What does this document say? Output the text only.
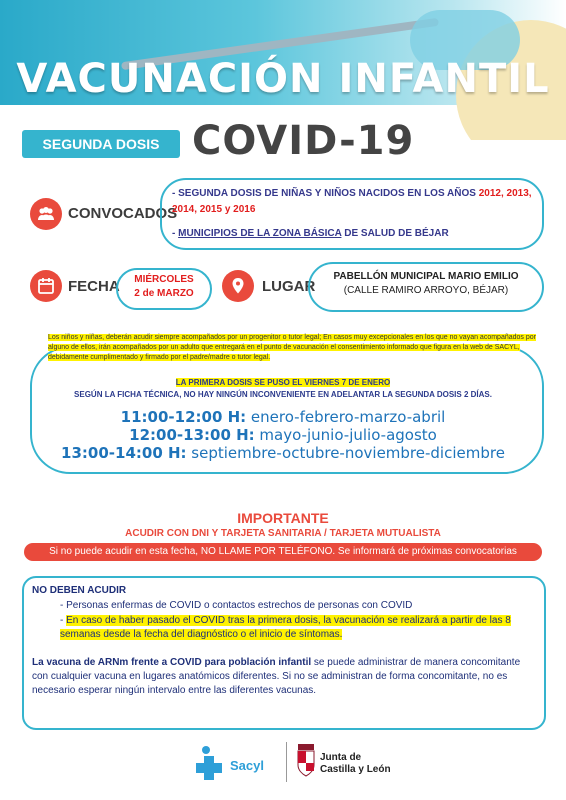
VACUNACIÓN INFANTIL
SEGUNDA DOSIS COVID-19
CONVOCADOS
- SEGUNDA DOSIS DE NIÑAS Y NIÑOS NACIDOS EN LOS AÑOS 2012, 2013,
2014, 2015 y 2016
- MUNICIPIOS DE LA ZONA BÁSICA DE SALUD DE BÉJAR
FECHA	MIÉRCOLES
2 de MARZO	LUGAR
PABELLÓN MUNICIPAL MARIO EMILIO
(CALLE RAMIRO ARROYO, BÉJAR)
Los niños y niñas, deberán acudir siempre acompañados por un progenitor o tutor legal; En casos muy excepcionales en los que no vayan acompañados por alguno de ellos, irán acompañados por un adulto que entregará en el punto de vacunación el consentimiento informado que figura en la web de SACYL, debidamente cumplimentado y firmado por el padre/madre o tutor legal.
LA PRIMERA DOSIS SE PUSO EL VIERNES 7 DE ENERO
SEGÚN LA FICHA TÉCNICA, NO HAY NINGÚN INCONVENIENTE EN ADELANTAR LA SEGUNDA DOSIS 2 DÍAS.
11:00-12:00 H: enero-febrero-marzo-abril
12:00-13:00 H: mayo-junio-julio-agosto
13:00-14:00 H: septiembre-octubre-noviembre-diciembre
IMPORTANTE
ACUDIR CON DNI Y TARJETA SANITARIA / TARJETA MUTUALISTA
Si no puede acudir en esta fecha, NO LLAME POR TELÉFONO. Se informará de próximas convocatorias
NO DEBEN ACUDIR
- Personas enfermas de COVID o contactos estrechos de personas con COVID
- En caso de haber pasado el COVID tras la primera dosis, la vacunación se realizará a partir de las 8 semanas desde la fecha del diagnóstico o el inicio de síntomas.
La vacuna de ARNm frente a COVID para población infantil se puede administrar de manera concomitante con cualquier vacuna en lugares anatómicos diferentes. Si no se administran de forma concomitante, no es necesario esperar ningún intervalo entre las diferentes vacunas.
Sacyl
Junta de
Castilla y León
